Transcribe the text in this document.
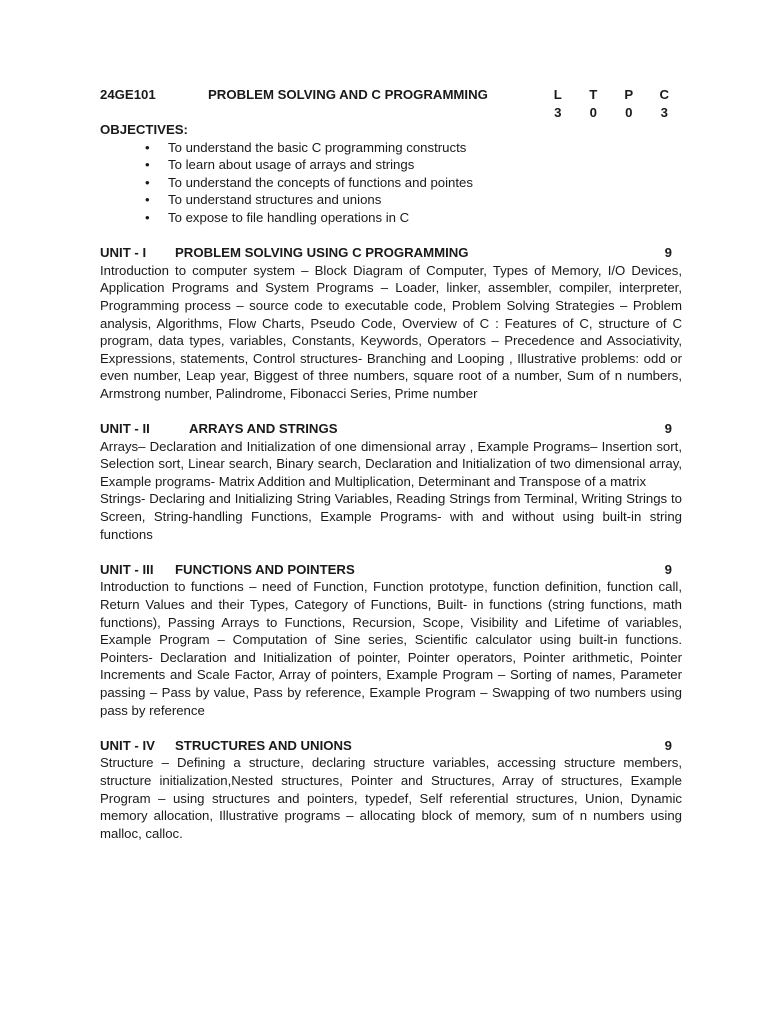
24GE101	PROBLEM SOLVING AND C PROGRAMMING	L	T	P	C
3	0	0	3
OBJECTIVES:
• To understand the basic C programming constructs
• To learn about usage of arrays and strings
• To understand the concepts of functions and pointes
• To understand structures and unions
• To expose to file handling operations in C
UNIT - I PROBLEM SOLVING USING C PROGRAMMING	9

Introduction to computer system – Block Diagram of Computer, Types of Memory, I/O Devices, Application Programs and System Programs – Loader, linker, assembler, compiler, interpreter, Programming process – source code to executable code, Problem Solving Strategies – Problem analysis, Algorithms, Flow Charts, Pseudo Code, Overview of C : Features of C, structure of C program, data types, variables, Constants, Keywords, Operators – Precedence and Associativity, Expressions, statements, Control structures- Branching and Looping , Illustrative problems: odd or even number, Leap year, Biggest of three numbers, square root of a number, Sum of n numbers, Armstrong number, Palindrome, Fibonacci Series, Prime number

UNIT - II	ARRAYS AND STRINGS	9

Arrays– Declaration and Initialization of one dimensional array , Example Programs– Insertion sort, Selection sort, Linear search, Binary search, Declaration and Initialization of two dimensional array, Example programs- Matrix Addition and Multiplication, Determinant and Transpose of a matrix

Strings- Declaring and Initializing String Variables, Reading Strings from Terminal, Writing Strings to Screen, String-handling Functions, Example Programs- with and without using built-in string functions

UNIT - III FUNCTIONS AND POINTERS	9

Introduction to functions – need of Function, Function prototype, function definition, function call, Return Values and their Types, Category of Functions, Built- in functions (string functions, math functions), Passing Arrays to Functions, Recursion, Scope, Visibility and Lifetime of variables, Example Program – Computation of Sine series, Scientific calculator using built-in functions. Pointers- Declaration and Initialization of pointer, Pointer operators, Pointer arithmetic, Pointer Increments and Scale Factor, Array of pointers, Example Program – Sorting of names, Parameter passing – Pass by value, Pass by reference, Example Program – Swapping of two numbers using pass by reference

UNIT - IV STRUCTURES AND UNIONS	9

Structure – Defining a structure, declaring structure variables, accessing structure members, structure initialization,Nested structures, Pointer and Structures, Array of structures, Example Program – using structures and pointers, typedef, Self referential structures, Union, Dynamic memory allocation, Illustrative programs – allocating block of memory, sum of n numbers using malloc, calloc.
